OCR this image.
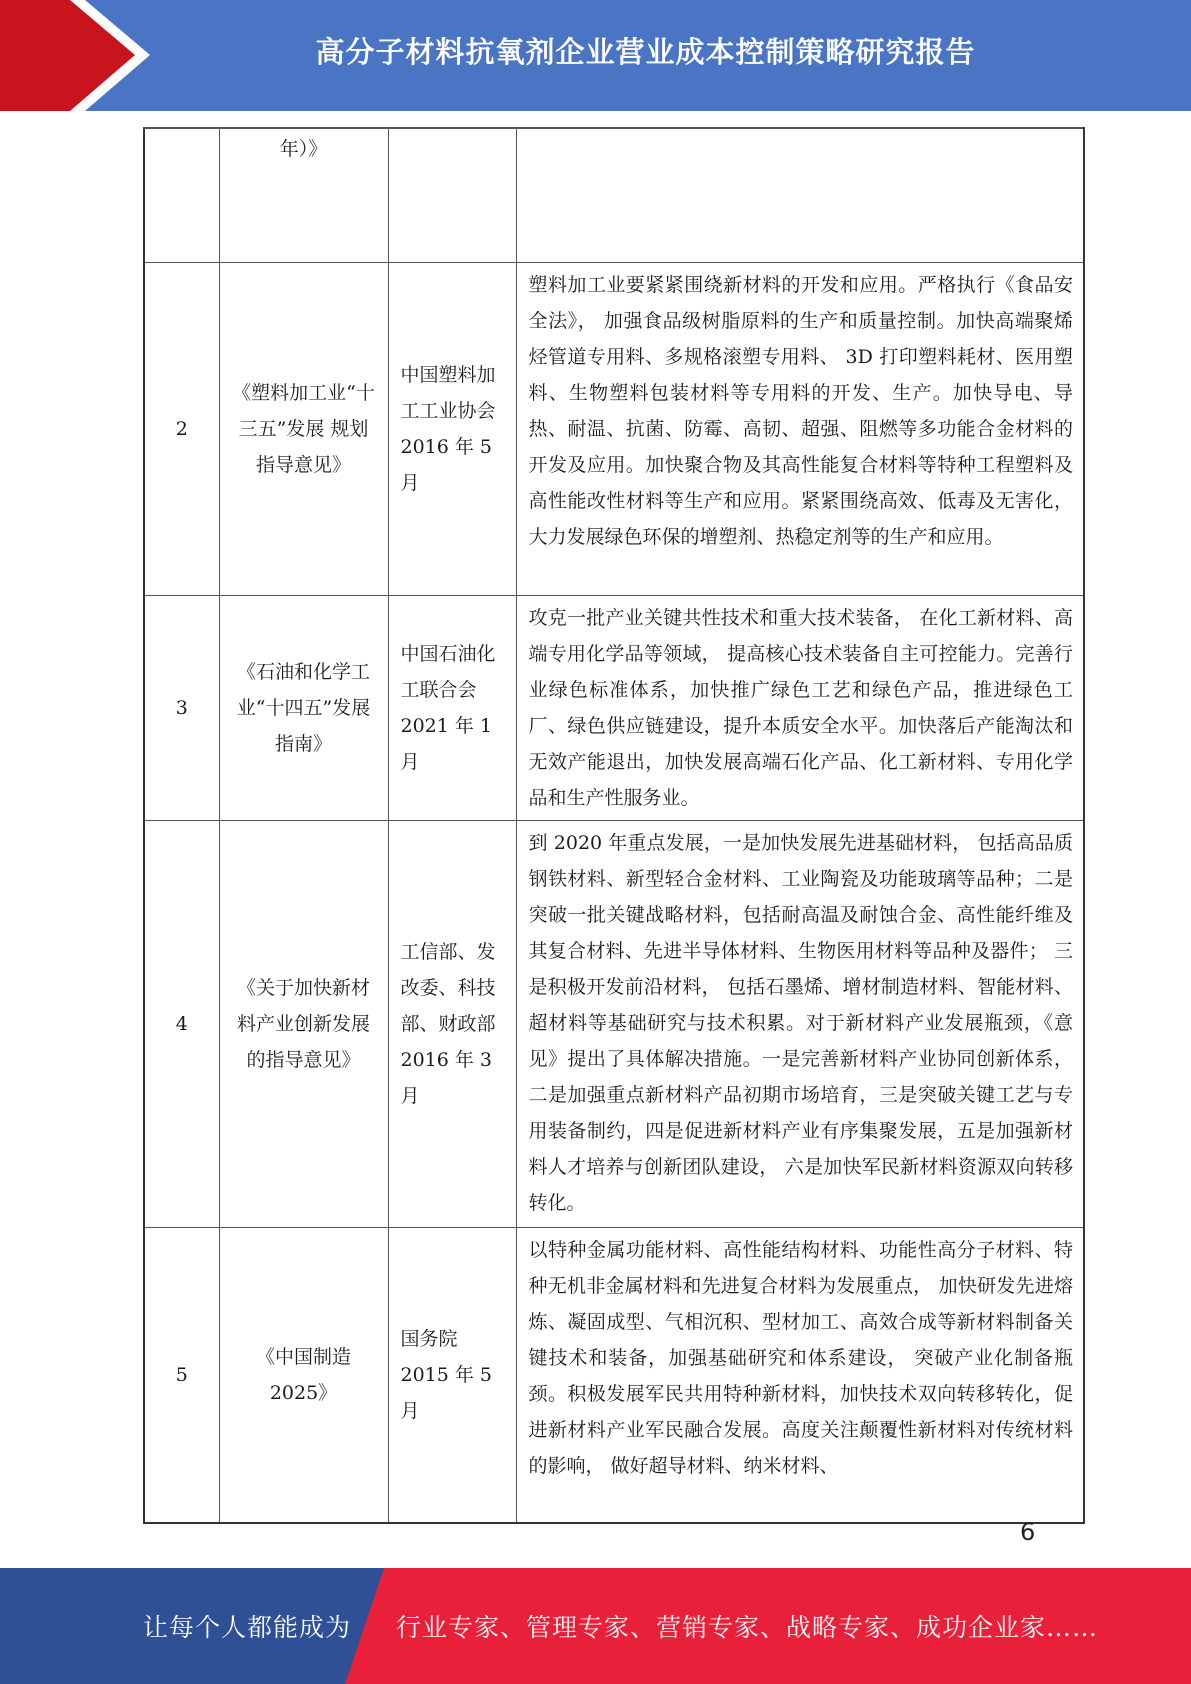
高分子材料抗氧剂企业营业成本控制策略研究报告
	年）》		
2	《塑料加工业“十三五”发展 规划指导意见》	中国塑料加工工业协会 2016 年 5 月	塑料加工业要紧紧围绕新材料的开发和应用。严格执行《食品安全法》， 加强食品级树脂原料的生产和质量控制。加快高端聚烯烃管道专用料、多规格滚塑专用料、 3D 打印塑料耗材、医用塑料、生物塑料包装材料等专用料的开发、生产。加快导电、导热、耐温、抗菌、防霉、高韧、超强、阻燃等多功能合金材料的开发及应用。加快聚合物及其高性能复合材料等特种工程塑料及高性能改性材料等生产和应用。紧紧围绕高效、低毒及无害化，大力发展绿色环保的增塑剂、热稳定剂等的生产和应用。
3	《石油和化学工业“十四五”发展指南》	中国石油化工联合会 2021 年 1 月	攻克一批产业关键共性技术和重大技术装备， 在化工新材料、高端专用化学品等领域， 提高核心技术装备自主可控能力。完善行业绿色标准体系，加快推广绿色工艺和绿色产品，推进绿色工厂、绿色供应链建设，提升本质安全水平。加快落后产能淘汰和无效产能退出，加快发展高端石化产品、化工新材料、专用化学品和生产性服务业。
4	《关于加快新材料产业创新发展的指导意见》	工信部、发改委、科技部、财政部 2016 年 3 月	到 2020 年重点发展，一是加快发展先进基础材料， 包括高品质钢铁材料、新型轻合金材料、工业陶瓷及功能玻璃等品种；二是突破一批关键战略材料，包括耐高温及耐蚀合金、高性能纤维及其复合材料、先进半导体材料、生物医用材料等品种及器件； 三是积极开发前沿材料， 包括石墨烯、增材制造材料、智能材料、超材料等基础研究与技术积累。对于新材料产业发展瓶颈，《意见》提出了具体解决措施。一是完善新材料产业协同创新体系， 二是加强重点新材料产品初期市场培育，三是突破关键工艺与专用装备制约，四是促进新材料产业有序集聚发展，五是加强新材料人才培养与创新团队建设， 六是加快军民新材料资源双向转移转化。
5	《中国制造 2025》	国务院 2015 年 5 月	以特种金属功能材料、高性能结构材料、功能性高分子材料、特种无机非金属材料和先进复合材料为发展重点， 加快研发先进熔炼、凝固成型、气相沉积、型材加工、高效合成等新材料制备关键技术和装备，加强基础研究和体系建设， 突破产业化制备瓶颈。积极发展军民共用特种新材料，加快技术双向转移转化，促进新材料产业军民融合发展。高度关注颠覆性新材料对传统材料的影响， 做好超导材料、纳米材料、
6
让每个人都能成为 行业专家、管理专家、营销专家、战略专家、成功企业家……
